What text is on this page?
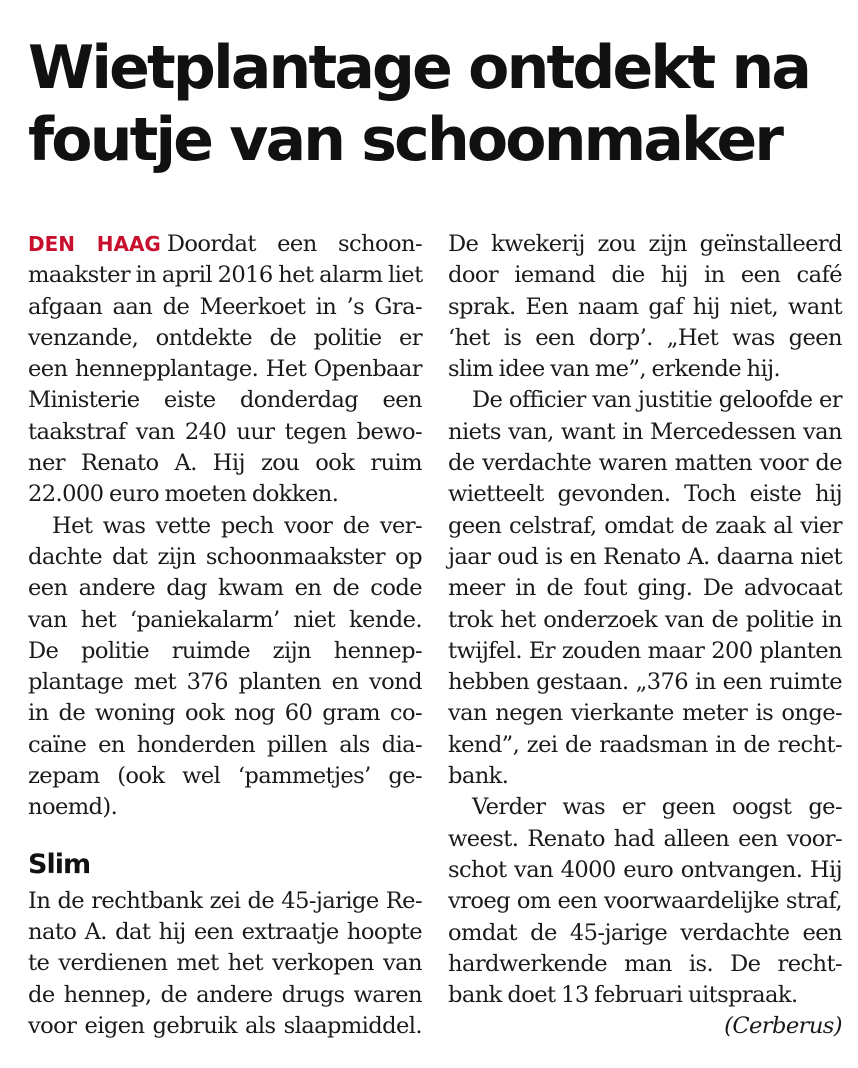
Wietplantage ontdekt na
foutje van schoonmaker
DEN HAAG Doordat een schoon-
maakster in april 2016 het alarm liet
afgaan aan de Meerkoet in ’s Gra-
venzande, ontdekte de politie er
een hennepplantage. Het Openbaar
Ministerie eiste donderdag een
taakstraf van 240 uur tegen bewo-
ner Renato A. Hij zou ook ruim
22.000 euro moeten dokken.
Het was vette pech voor de ver-
dachte dat zijn schoonmaakster op
een andere dag kwam en de code
van het ‘paniekalarm’ niet kende.
De politie ruimde zijn hennep-
plantage met 376 planten en vond
in de woning ook nog 60 gram co-
caïne en honderden pillen als dia-
zepam (ook wel ‘pammetjes’ ge-
noemd).
Slim
In de rechtbank zei de 45-jarige Re-
nato A. dat hij een extraatje hoopte
te verdienen met het verkopen van
de hennep, de andere drugs waren
voor eigen gebruik als slaapmiddel.
De kwekerij zou zijn geïnstalleerd
door iemand die hij in een café
sprak. Een naam gaf hij niet, want
‘het is een dorp’. „Het was geen
slim idee van me”, erkende hij.
De officier van justitie geloofde er
niets van, want in Mercedessen van
de verdachte waren matten voor de
wietteelt gevonden. Toch eiste hij
geen celstraf, omdat de zaak al vier
jaar oud is en Renato A. daarna niet
meer in de fout ging. De advocaat
trok het onderzoek van de politie in
twijfel. Er zouden maar 200 planten
hebben gestaan. „376 in een ruimte
van negen vierkante meter is onge-
kend”, zei de raadsman in de recht-
bank.
Verder was er geen oogst ge-
weest. Renato had alleen een voor-
schot van 4000 euro ontvangen. Hij
vroeg om een voorwaardelijke straf,
omdat de 45-jarige verdachte een
hardwerkende man is. De recht-
bank doet 13 februari uitspraak.
(Cerberus)
